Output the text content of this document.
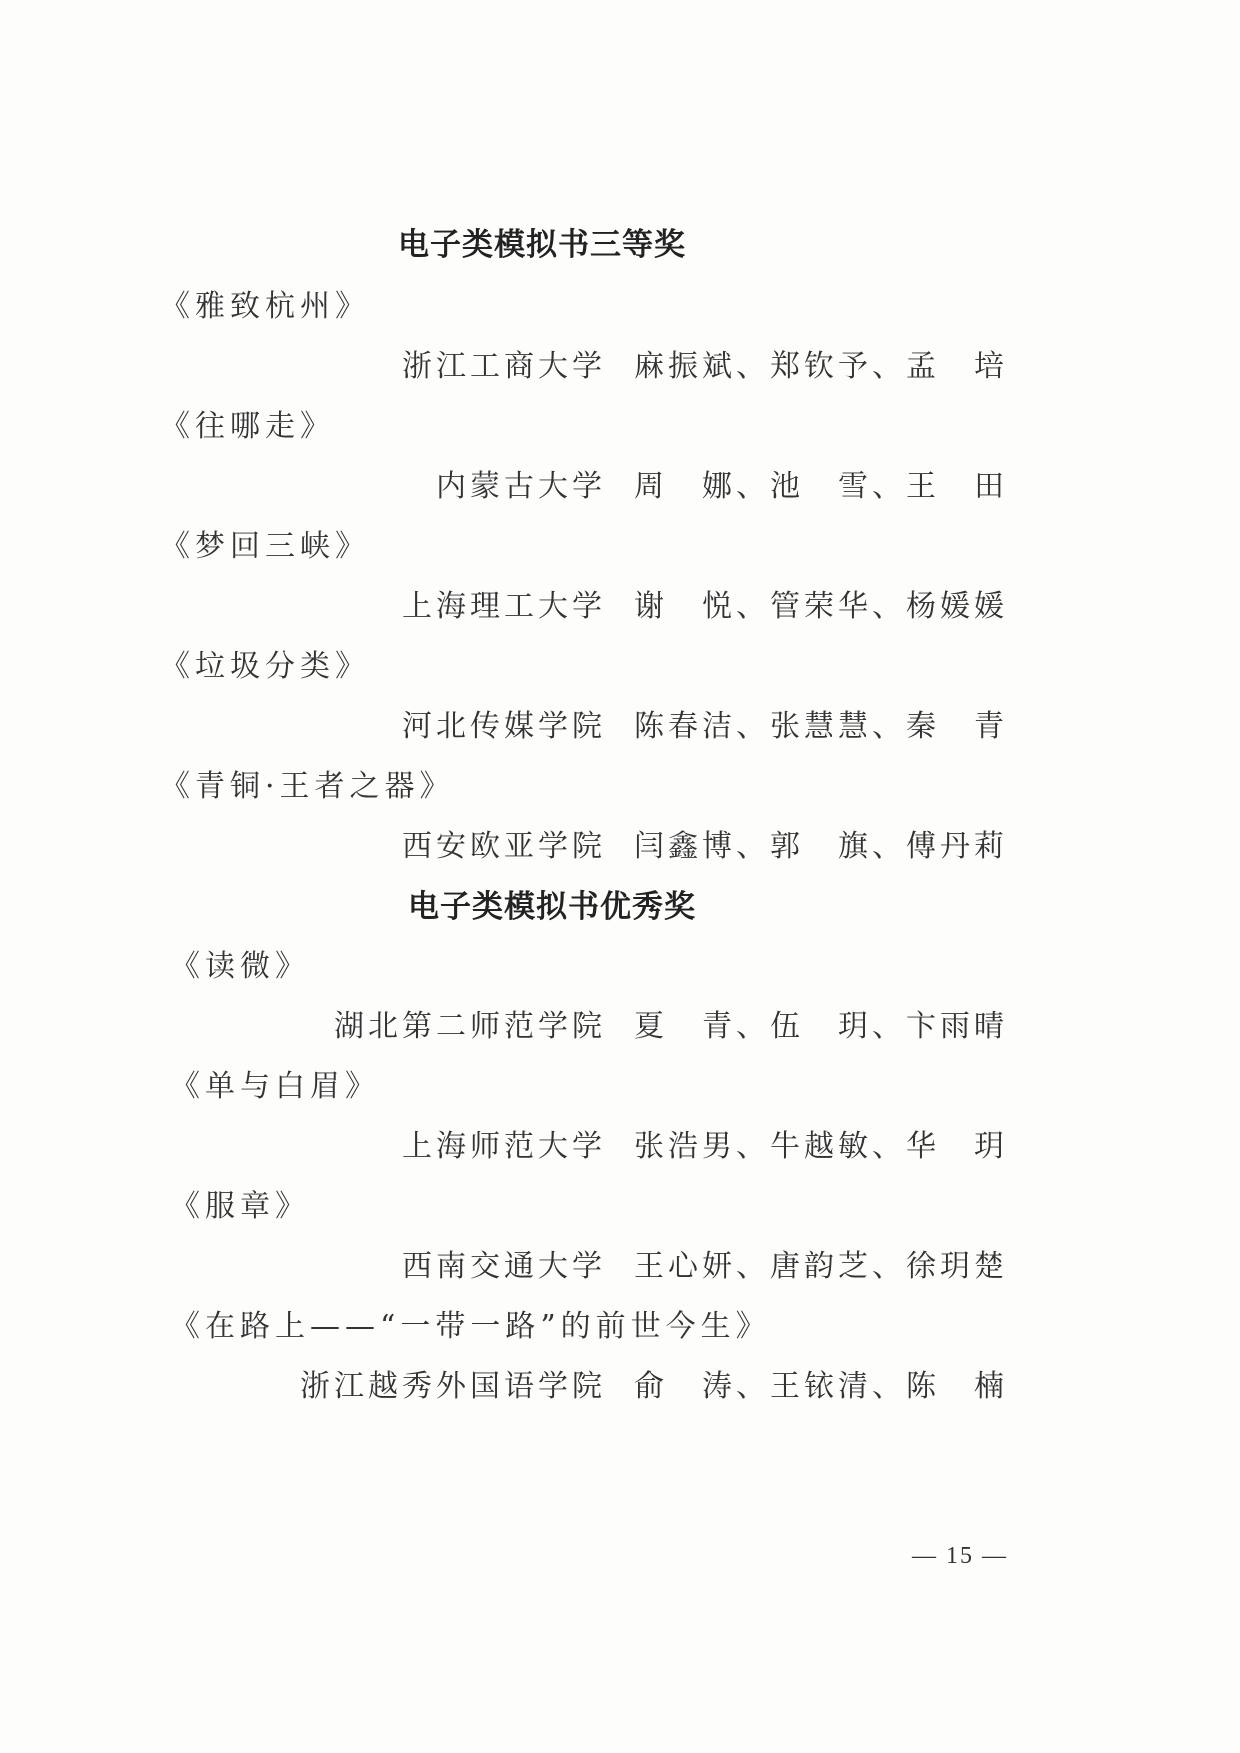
电子类模拟书三等奖
《雅致杭州》
浙江工商大学 麻振斌、郑钦予、孟　培
《往哪走》
内蒙古大学 周　娜、池　雪、王　田
《梦回三峡》
上海理工大学 谢　悦、管荣华、杨媛媛
《垃圾分类》
河北传媒学院 陈春洁、张慧慧、秦　青
《青铜·王者之器》
西安欧亚学院 闫鑫博、郭　旗、傅丹莉
电子类模拟书优秀奖
《读微》
湖北第二师范学院 夏　青、伍　玥、卞雨晴
《单与白眉》
上海师范大学 张浩男、牛越敏、华　玥
《服章》
西南交通大学 王心妍、唐韵芝、徐玥楚
《在路上——“一带一路”的前世今生》
浙江越秀外国语学院 俞　涛、王铱清、陈　楠
— 15 —
